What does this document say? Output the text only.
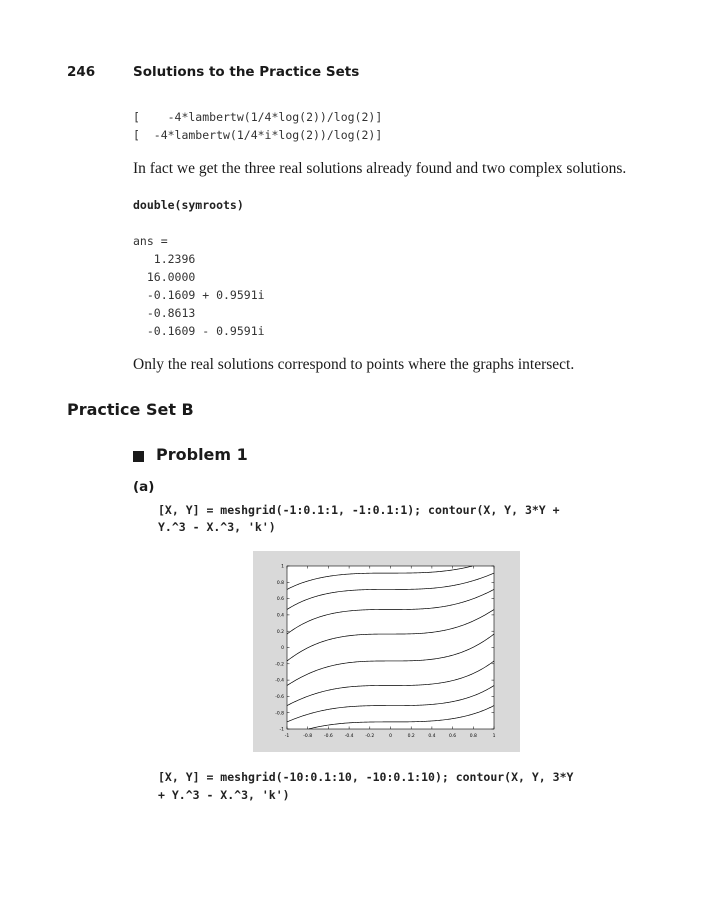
246	Solutions to the Practice Sets
[    -4*lambertw(1/4*log(2))/log(2)]
[  -4*lambertw(1/4*i*log(2))/log(2)]
In fact we get the three real solutions already found and two complex solutions.
double(symroots)
ans =
1.2396
16.0000
-0.1609 + 0.9591i
-0.8613
-0.1609 - 0.9591i
Only the real solutions correspond to points where the graphs intersect.
Practice Set B
Problem 1
(a)
[X, Y] = meshgrid(-1:0.1:1, -1:0.1:1); contour(X, Y, 3*Y +
Y.^3 - X.^3, 'k')
-1	-0.8	-0.6	-0.4	-0.2	0	0.2	0.4	0.6	0.8	1
-1
-0.8
-0.6
-0.4
-0.2
0
0.2
0.4
0.6
0.8
1
[X, Y] = meshgrid(-10:0.1:10, -10:0.1:10); contour(X, Y, 3*Y
+ Y.^3 - X.^3, 'k')
